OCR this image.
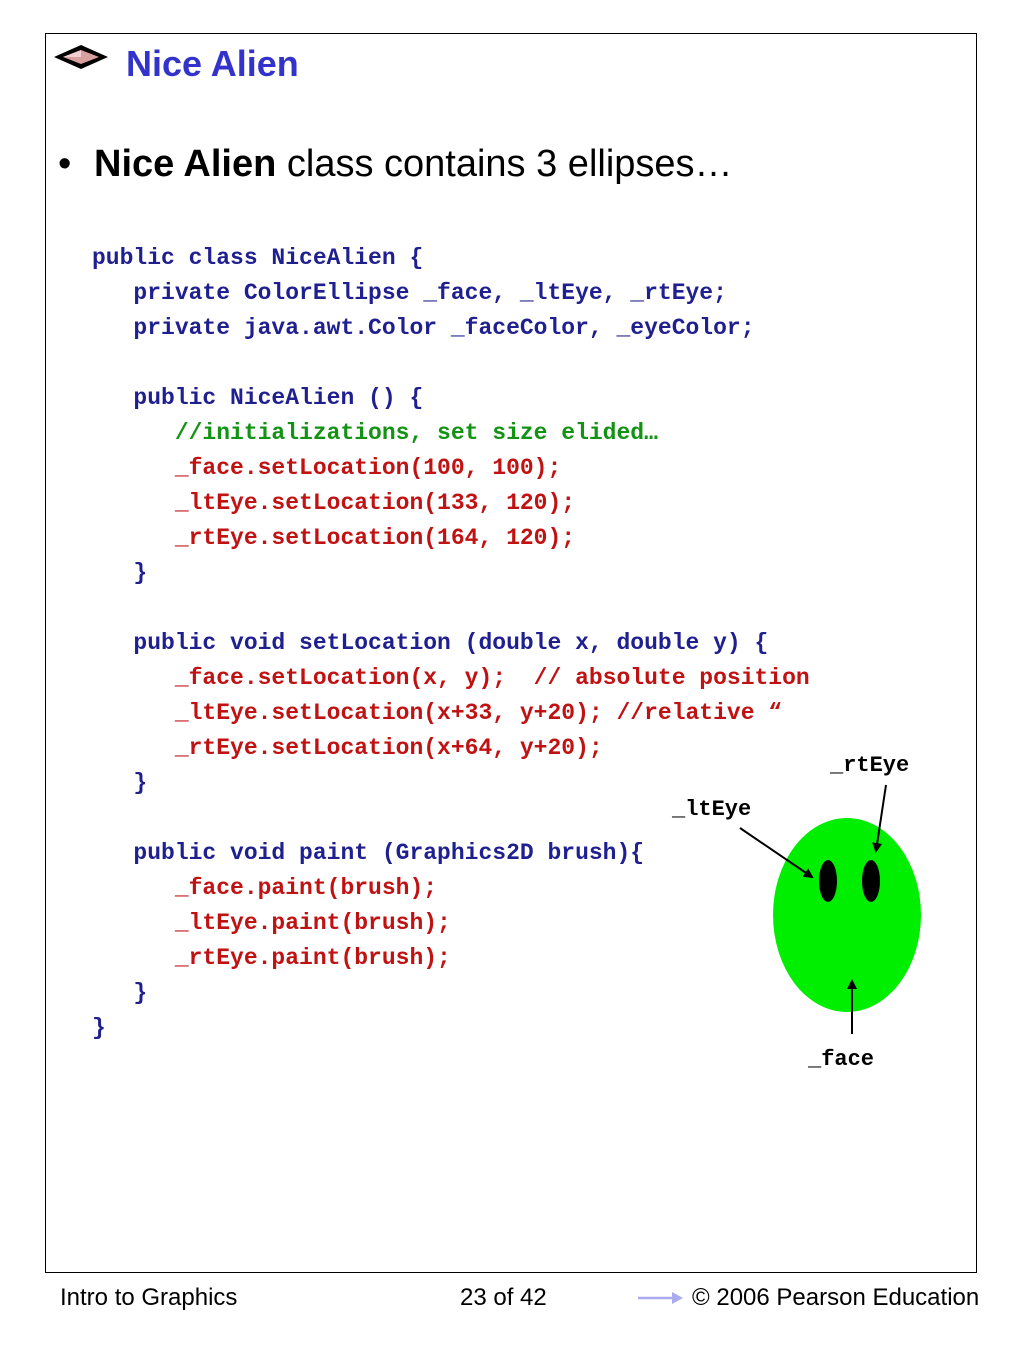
Nice Alien
• Nice Alien class contains 3 ellipses…
public class NiceAlien {
private ColorEllipse _face, _ltEye, _rtEye;
private java.awt.Color _faceColor, _eyeColor;

public NiceAlien () {
//initializations, set size elided…
_face.setLocation(100, 100);
_ltEye.setLocation(133, 120);
_rtEye.setLocation(164, 120);
}

public void setLocation (double x, double y) {
_face.setLocation(x, y);  // absolute position
_ltEye.setLocation(x+33, y+20); //relative “
_rtEye.setLocation(x+64, y+20);
}

public void paint (Graphics2D brush){
_face.paint(brush);
_ltEye.paint(brush);
_rtEye.paint(brush);
}
}
_rtEye
_ltEye
_face
Intro to Graphics	23 of 42	© 2006 Pearson Education
